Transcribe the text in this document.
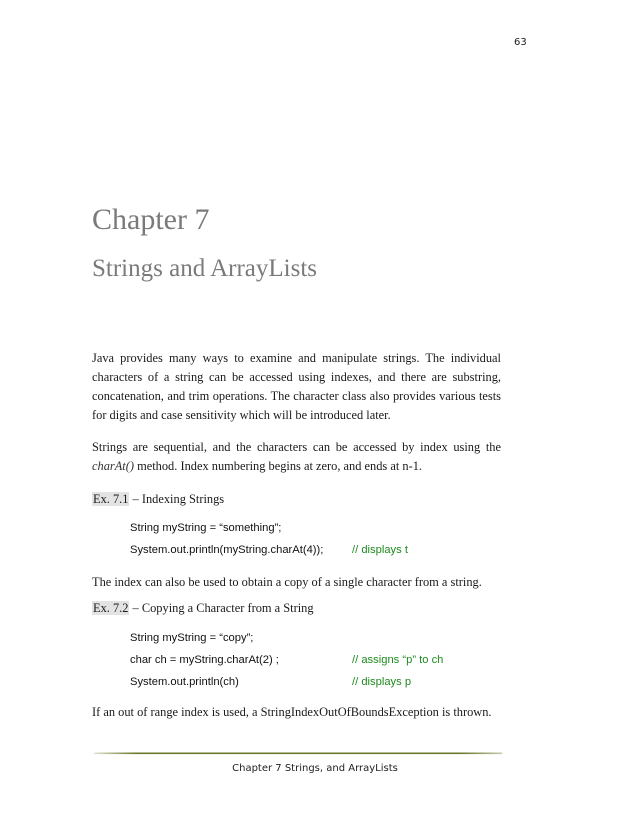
63
Chapter 7
Strings and ArrayLists

Java provides many ways to examine and manipulate strings. The individual characters of a string can be accessed using indexes, and there are substring, concatenation, and trim operations. The character class also provides various tests for digits and case sensitivity which will be introduced later.

Strings are sequential, and the characters can be accessed by index using the charAt() method. Index numbering begins at zero, and ends at n-1.

Ex. 7.1 – Indexing Strings
String myString = “something”;
System.out.println(myString.charAt(4));	// displays t

The index can also be used to obtain a copy of a single character from a string.

Ex. 7.2 – Copying a Character from a String
String myString = “copy”;
char ch = myString.charAt(2) ;	// assigns “p” to ch
System.out.println(ch)	// displays p

If an out of range index is used, a StringIndexOutOfBoundsException is thrown.

Chapter 7 Strings, and ArrayLists
